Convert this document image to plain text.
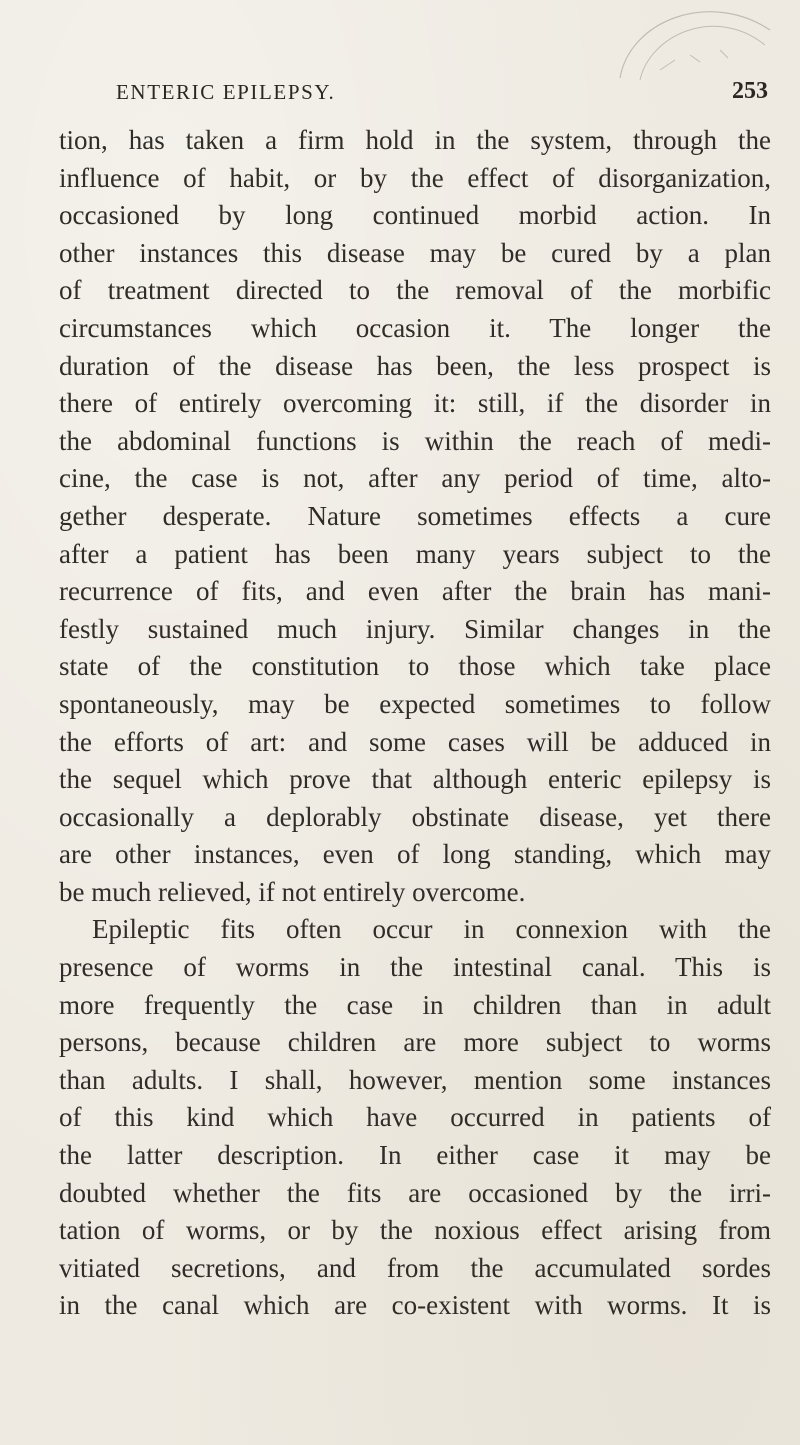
ENTERIC EPILEPSY.	253
tion, has taken a firm hold in the system, through the
influence of habit, or by the effect of disorganization,
occasioned by long continued morbid action. In
other instances this disease may be cured by a plan
of treatment directed to the removal of the morbific
circumstances which occasion it. The longer the
duration of the disease has been, the less prospect is
there of entirely overcoming it: still, if the disorder in
the abdominal functions is within the reach of medi-
cine, the case is not, after any period of time, alto-
gether desperate. Nature sometimes effects a cure
after a patient has been many years subject to the
recurrence of fits, and even after the brain has mani-
festly sustained much injury. Similar changes in the
state of the constitution to those which take place
spontaneously, may be expected sometimes to follow
the efforts of art: and some cases will be adduced in
the sequel which prove that although enteric epilepsy is
occasionally a deplorably obstinate disease, yet there
are other instances, even of long standing, which may
be much relieved, if not entirely overcome.
Epileptic fits often occur in connexion with the
presence of worms in the intestinal canal. This is
more frequently the case in children than in adult
persons, because children are more subject to worms
than adults. I shall, however, mention some instances
of this kind which have occurred in patients of
the latter description. In either case it may be
doubted whether the fits are occasioned by the irri-
tation of worms, or by the noxious effect arising from
vitiated secretions, and from the accumulated sordes
in the canal which are co-existent with worms. It is
